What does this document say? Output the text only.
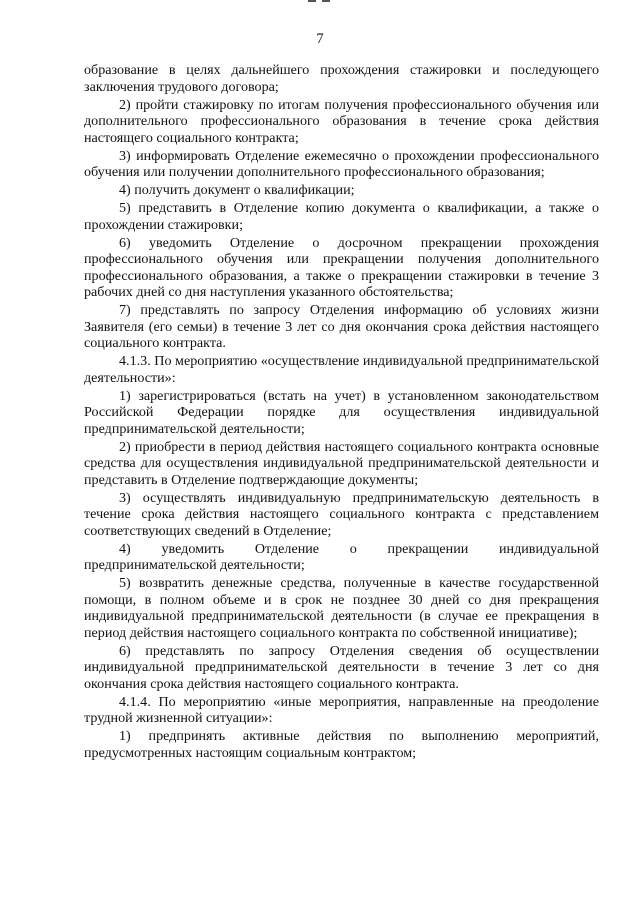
7

образование в целях дальнейшего прохождения стажировки и последующего заключения трудового договора;

2) пройти стажировку по итогам получения профессионального обучения или дополнительного профессионального образования в течение срока действия настоящего социального контракта;

3) информировать Отделение ежемесячно о прохождении профессионального обучения или получении дополнительного профессионального образования;

4) получить документ о квалификации;

5) представить в Отделение копию документа о квалификации, а также о прохождении стажировки;

6) уведомить Отделение о досрочном прекращении прохождения профессионального обучения или прекращении получения дополнительного профессионального образования, а также о прекращении стажировки в течение 3 рабочих дней со дня наступления указанного обстоятельства;

7) представлять по запросу Отделения информацию об условиях жизни Заявителя (его семьи) в течение 3 лет со дня окончания срока действия настоящего социального контракта.

4.1.3. По мероприятию «осуществление индивидуальной предпринимательской деятельности»:

1) зарегистрироваться (встать на учет) в установленном законодательством Российской Федерации порядке для осуществления индивидуальной предпринимательской деятельности;

2) приобрести в период действия настоящего социального контракта основные средства для осуществления индивидуальной предпринимательской деятельности и представить в Отделение подтверждающие документы;

3) осуществлять индивидуальную предпринимательскую деятельность в течение срока действия настоящего социального контракта с представлением соответствующих сведений в Отделение;

4) уведомить Отделение о прекращении индивидуальной предпринимательской деятельности;

5) возвратить денежные средства, полученные в качестве государственной помощи, в полном объеме и в срок не позднее 30 дней со дня прекращения индивидуальной предпринимательской деятельности (в случае ее прекращения в период действия настоящего социального контракта по собственной инициативе);

6) представлять по запросу Отделения сведения об осуществлении индивидуальной предпринимательской деятельности в течение 3 лет со дня окончания срока действия настоящего социального контракта.

4.1.4. По мероприятию «иные мероприятия, направленные на преодоление трудной жизненной ситуации»:

1) предпринять активные действия по выполнению мероприятий, предусмотренных настоящим социальным контрактом;
